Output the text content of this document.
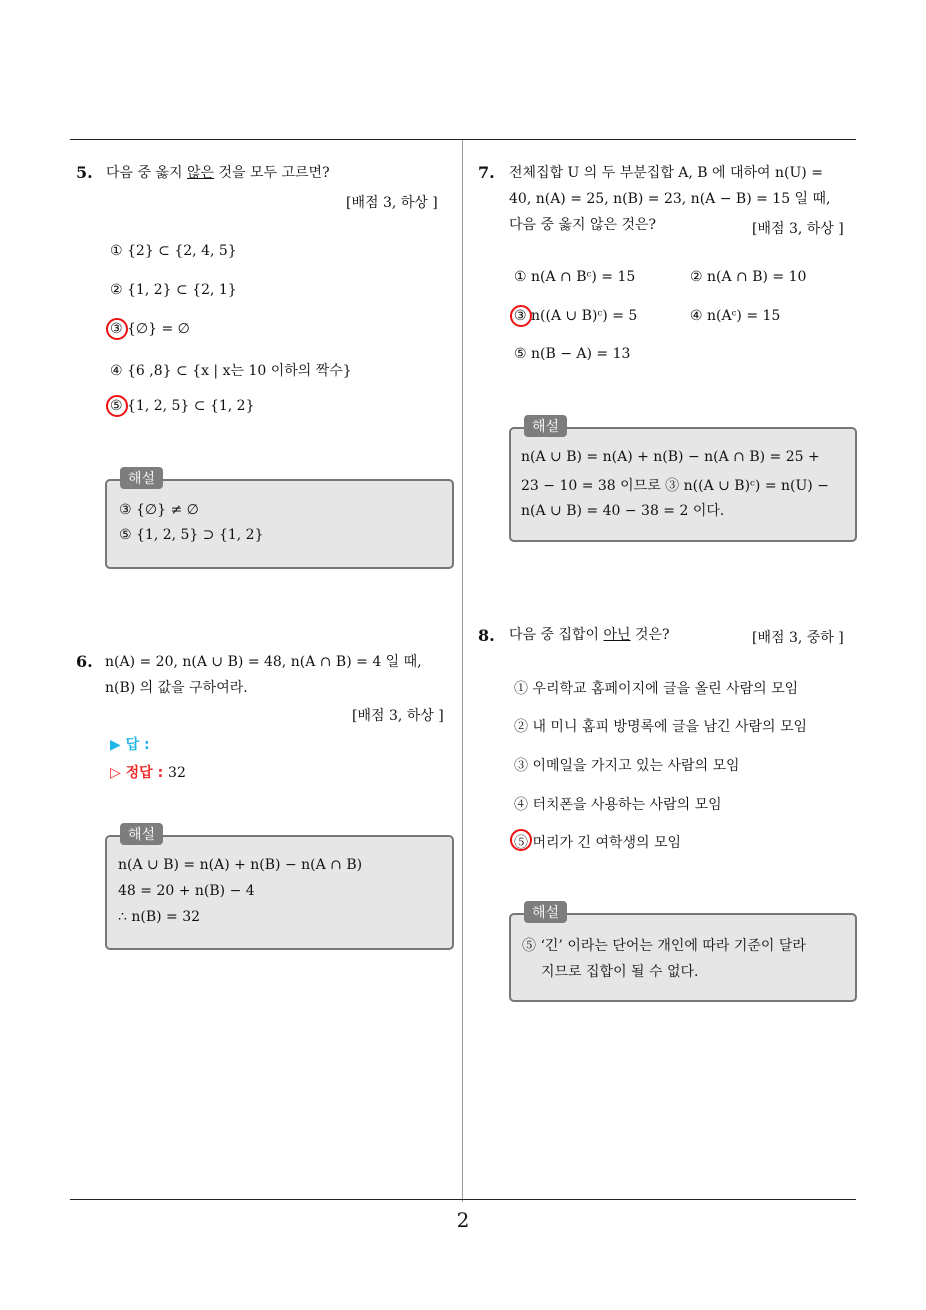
5. 다음 중 옳지 않은 것을 모두 고르면?
[배점 3, 하상 ]
① {2} ⊂ {2, 4, 5}
② {1, 2} ⊂ {2, 1}
③ {∅} = ∅
④ {6 ,8} ⊂ {x | x는 10 이하의 짝수}
⑤ {1, 2, 5} ⊂ {1, 2}
해설
③ {∅} ≠ ∅
⑤ {1, 2, 5} ⊃ {1, 2}
6. n(A) = 20, n(A ∪ B) = 48, n(A ∩ B) = 4 일 때,
n(B) 의 값을 구하여라.
[배점 3, 하상 ]
▶ 답 :
▷ 정답 : 32
해설
n(A ∪ B) = n(A) + n(B) − n(A ∩ B)
48 = 20 + n(B) − 4
∴ n(B) = 32
7. 전체집합 U 의 두 부분집합 A, B 에 대하여 n(U) =
40, n(A) = 25, n(B) = 23, n(A − B) = 15 일 때,
다음 중 옳지 않은 것은?	[배점 3, 하상 ]
① n(A ∩ Bᶜ) = 15	② n(A ∩ B) = 10
③ n((A ∪ B)ᶜ) = 5	④ n(Aᶜ) = 15
⑤ n(B − A) = 13
해설
n(A ∪ B) = n(A) + n(B) − n(A ∩ B) = 25 +
23 − 10 = 38 이므로 ③ n((A ∪ B)ᶜ) = n(U) −
n(A ∪ B) = 40 − 38 = 2 이다.
8. 다음 중 집합이 아닌 것은?	[배점 3, 중하 ]
① 우리학교 홈페이지에 글을 올린 사람의 모임
② 내 미니 홈피 방명록에 글을 남긴 사람의 모임
③ 이메일을 가지고 있는 사람의 모임
④ 터치폰을 사용하는 사람의 모임
⑤ 머리가 긴 여학생의 모임
해설
⑤ ‘긴’ 이라는 단어는 개인에 따라 기준이 달라
지므로 집합이 될 수 없다.
2
